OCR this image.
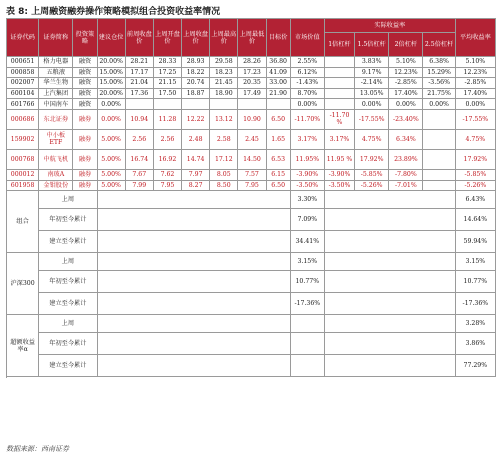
表 8: 上周融资融券操作策略模拟组合投资收益率情况
证券代码	证券简称	投资策略	建议仓位	前周收盘价	上周开盘价	上周收盘价	上周最高价	上周最低价	目标价	市场价值	实际收益率				平均收益率
											1倍杠杆	1.5倍杠杆	2倍杠杆	2.5倍杠杆	
000651	格力电器	融资	20.00%	28.21	28.33	28.93	29.58	28.26	36.80	2.55%		3.83%	5.10%	6.38%	5.10%
000858	五粮液	融资	15.00%	17.17	17.25	18.22	18.23	17.23	41.09	6.12%		9.17%	12.23%	15.29%	12.23%
002007	华兰生物	融资	15.00%	21.04	21.15	20.74	21.45	20.35	33.00	-1.43%		-2.14%	-2.85%	-3.56%	-2.85%
600104	上汽集团	融资	20.00%	17.36	17.50	18.87	18.90	17.49	21.90	8.70%		13.05%	17.40%	21.75%	17.40%
601766	中国南车	融资	0.00%							0.00%		0.00%	0.00%	0.00%	0.00%
000686	东北证券	融券	0.00%	10.94	11.28	12.22	13.12	10.90	6.50	-11.70%	-11.70 %	-17.55%	-23.40%		-17.55%
159902	中小板ETF	融券	5.00%	2.56	2.56	2.48	2.58	2.45	1.65	3.17%	3.17%	4.75%	6.34%		4.75%
000768	中航飞机	融券	5.00%	16.74	16.92	14.74	17.12	14.50	6.53	11.95%	11.95 %	17.92%	23.89%		17.92%
000012	南玻A	融券	5.00%	7.67	7.62	7.97	8.05	7.57	6.15	-3.90%	-3.90%	-5.85%	-7.80%		-5.85%
601958	金钼股份	融券	5.00%	7.99	7.95	8.27	8.50	7.95	6.50	-3.50%	-3.50%	-5.26%	-7.01%		-5.26%
组合	上周									3.30%					6.43%

	年初至今累计									7.09%					14.64%

	建立至今累计									34.41%					59.94%

沪深300	上周									3.15%					3.15%

	年初至今累计									10.77%					10.77%

	建立至今累计									-17.36%					-17.36%

超额收益率α	上周														3.28%

	年初至今累计														3.86%

	建立至今累计														77.29%

数据来源：西南证券
